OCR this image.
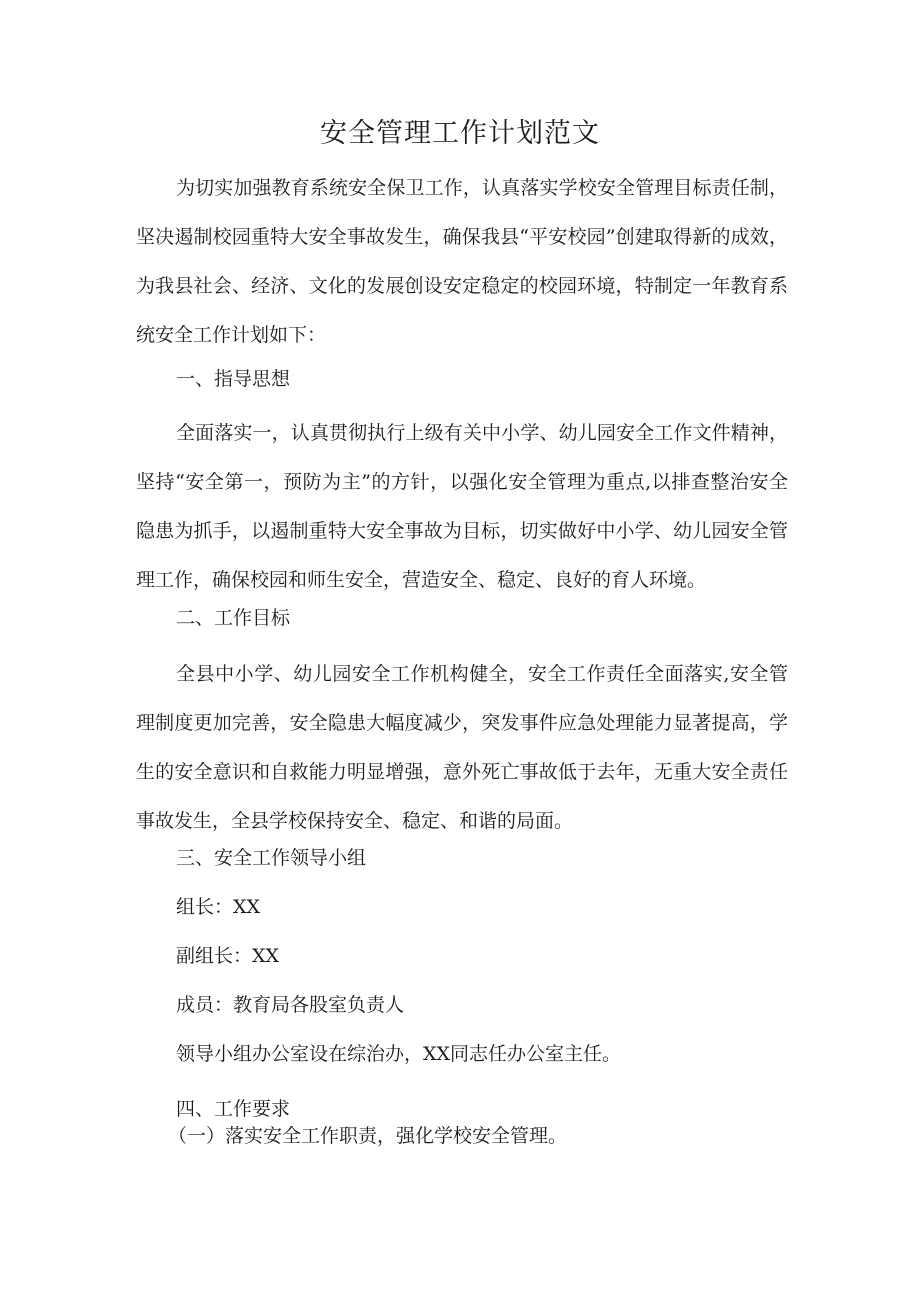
安全管理工作计划范文

为切实加强教育系统安全保卫工作，认真落实学校安全管理目标责任制，坚决遏制校园重特大安全事故发生，确保我县“平安校园”创建取得新的成效，为我县社会、经济、文化的发展创设安定稳定的校园环境，特制定一年教育系统安全工作计划如下：

一、指导思想

全面落实一，认真贯彻执行上级有关中小学、幼儿园安全工作文件精神，坚持“安全第一，预防为主”的方针，以强化安全管理为重点,以排查整治安全隐患为抓手，以遏制重特大安全事故为目标，切实做好中小学、幼儿园安全管理工作，确保校园和师生安全，营造安全、稳定、良好的育人环境。

二、工作目标

全县中小学、幼儿园安全工作机构健全，安全工作责任全面落实,安全管理制度更加完善，安全隐患大幅度减少，突发事件应急处理能力显著提高，学生的安全意识和自救能力明显增强，意外死亡事故低于去年，无重大安全责任事故发生，全县学校保持安全、稳定、和谐的局面。

三、安全工作领导小组

组长：XX

副组长：XX

成员：教育局各股室负责人

领导小组办公室设在综治办，XX同志任办公室主任。

四、工作要求

（一）落实安全工作职责，强化学校安全管理。
